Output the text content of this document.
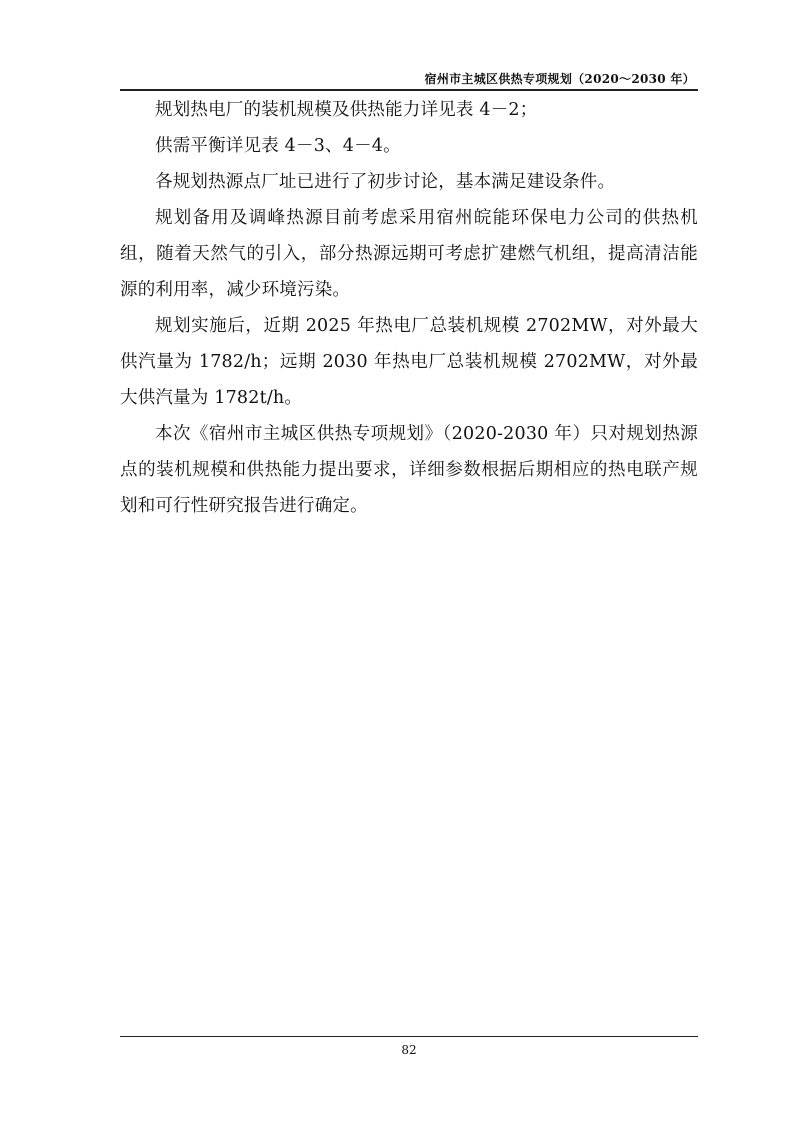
宿州市主城区供热专项规划（2020～2030 年）

规划热电厂的装机规模及供热能力详见表 4－2；

供需平衡详见表 4－3、4－4。

各规划热源点厂址已进行了初步讨论，基本满足建设条件。

规划备用及调峰热源目前考虑采用宿州皖能环保电力公司的供热机组，随着天然气的引入，部分热源远期可考虑扩建燃气机组，提高清洁能源的利用率，减少环境污染。

规划实施后，近期 2025 年热电厂总装机规模 2702MW，对外最大供汽量为 1782/h；远期 2030 年热电厂总装机规模 2702MW，对外最大供汽量为 1782t/h。

本次《宿州市主城区供热专项规划》（2020-2030 年）只对规划热源点的装机规模和供热能力提出要求，详细参数根据后期相应的热电联产规划和可行性研究报告进行确定。

82
